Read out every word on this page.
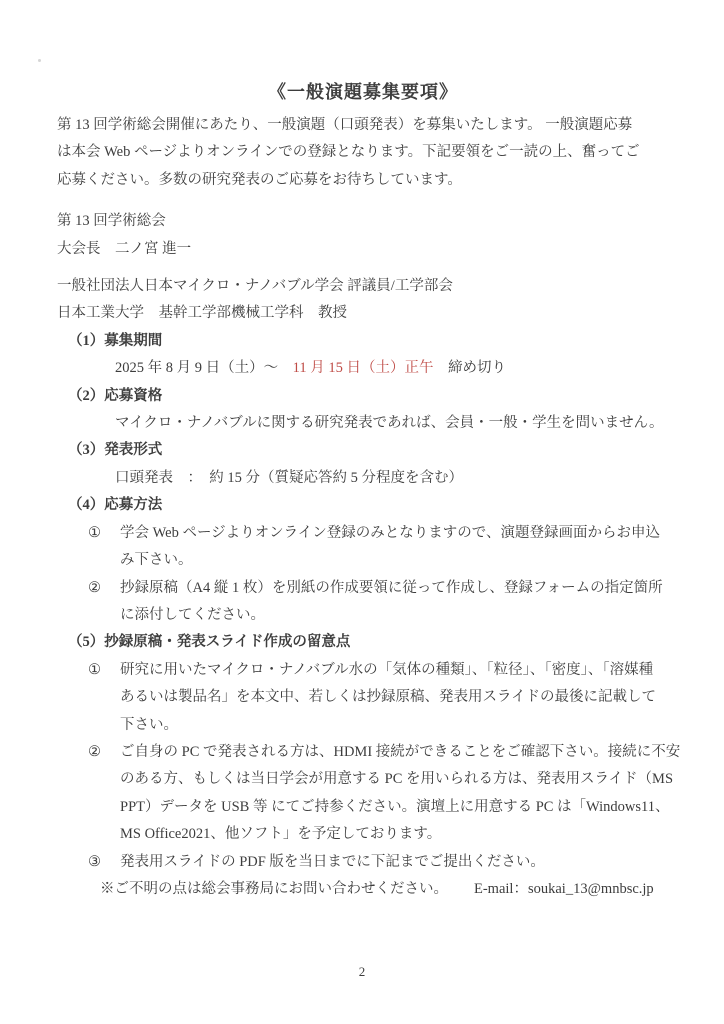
《一般演題募集要項》
第 13 回学術総会開催にあたり、一般演題（口頭発表）を募集いたします。 一般演題応募
は本会 Web ページよりオンラインでの登録となります。下記要領をご一読の上、奮ってご
応募ください。多数の研究発表のご応募をお待ちしています。
第 13 回学術総会
大会長　二ノ宮 進一
一般社団法人日本マイクロ・ナノバブル学会 評議員/工学部会
日本工業大学　基幹工学部機械工学科　教授
（1）募集期間
2025 年 8 月 9 日（土）～　11 月 15 日（土）正午　締め切り
（2）応募資格
マイクロ・ナノバブルに関する研究発表であれば、会員・一般・学生を問いません。
（3）発表形式
口頭発表　：　約 15 分（質疑応答約 5 分程度を含む）
（4）応募方法
①	学会 Web ページよりオンライン登録のみとなりますので、演題登録画面からお申込
み下さい。
②	抄録原稿（A4 縦 1 枚）を別紙の作成要領に従って作成し、登録フォームの指定箇所
に添付してください。
（5）抄録原稿・発表スライド作成の留意点
①	研究に用いたマイクロ・ナノバブル水の「気体の種類」、「粒径」、「密度」、「溶媒種
あるいは製品名」を本文中、若しくは抄録原稿、発表用スライドの最後に記載して
下さい。
②	ご自身の PC で発表される方は、HDMI 接続ができることをご確認下さい。接続に不安
のある方、もしくは当日学会が用意する PC を用いられる方は、発表用スライド（MS
PPT）データを USB 等 にてご持参ください。演壇上に用意する PC は「Windows11、
MS Office2021、他ソフト」を予定しております。
③	発表用スライドの PDF 版を当日までに下記までご提出ください。
※ご不明の点は総会事務局にお問い合わせください。 E-mail：soukai_13@mnbsc.jp
2
